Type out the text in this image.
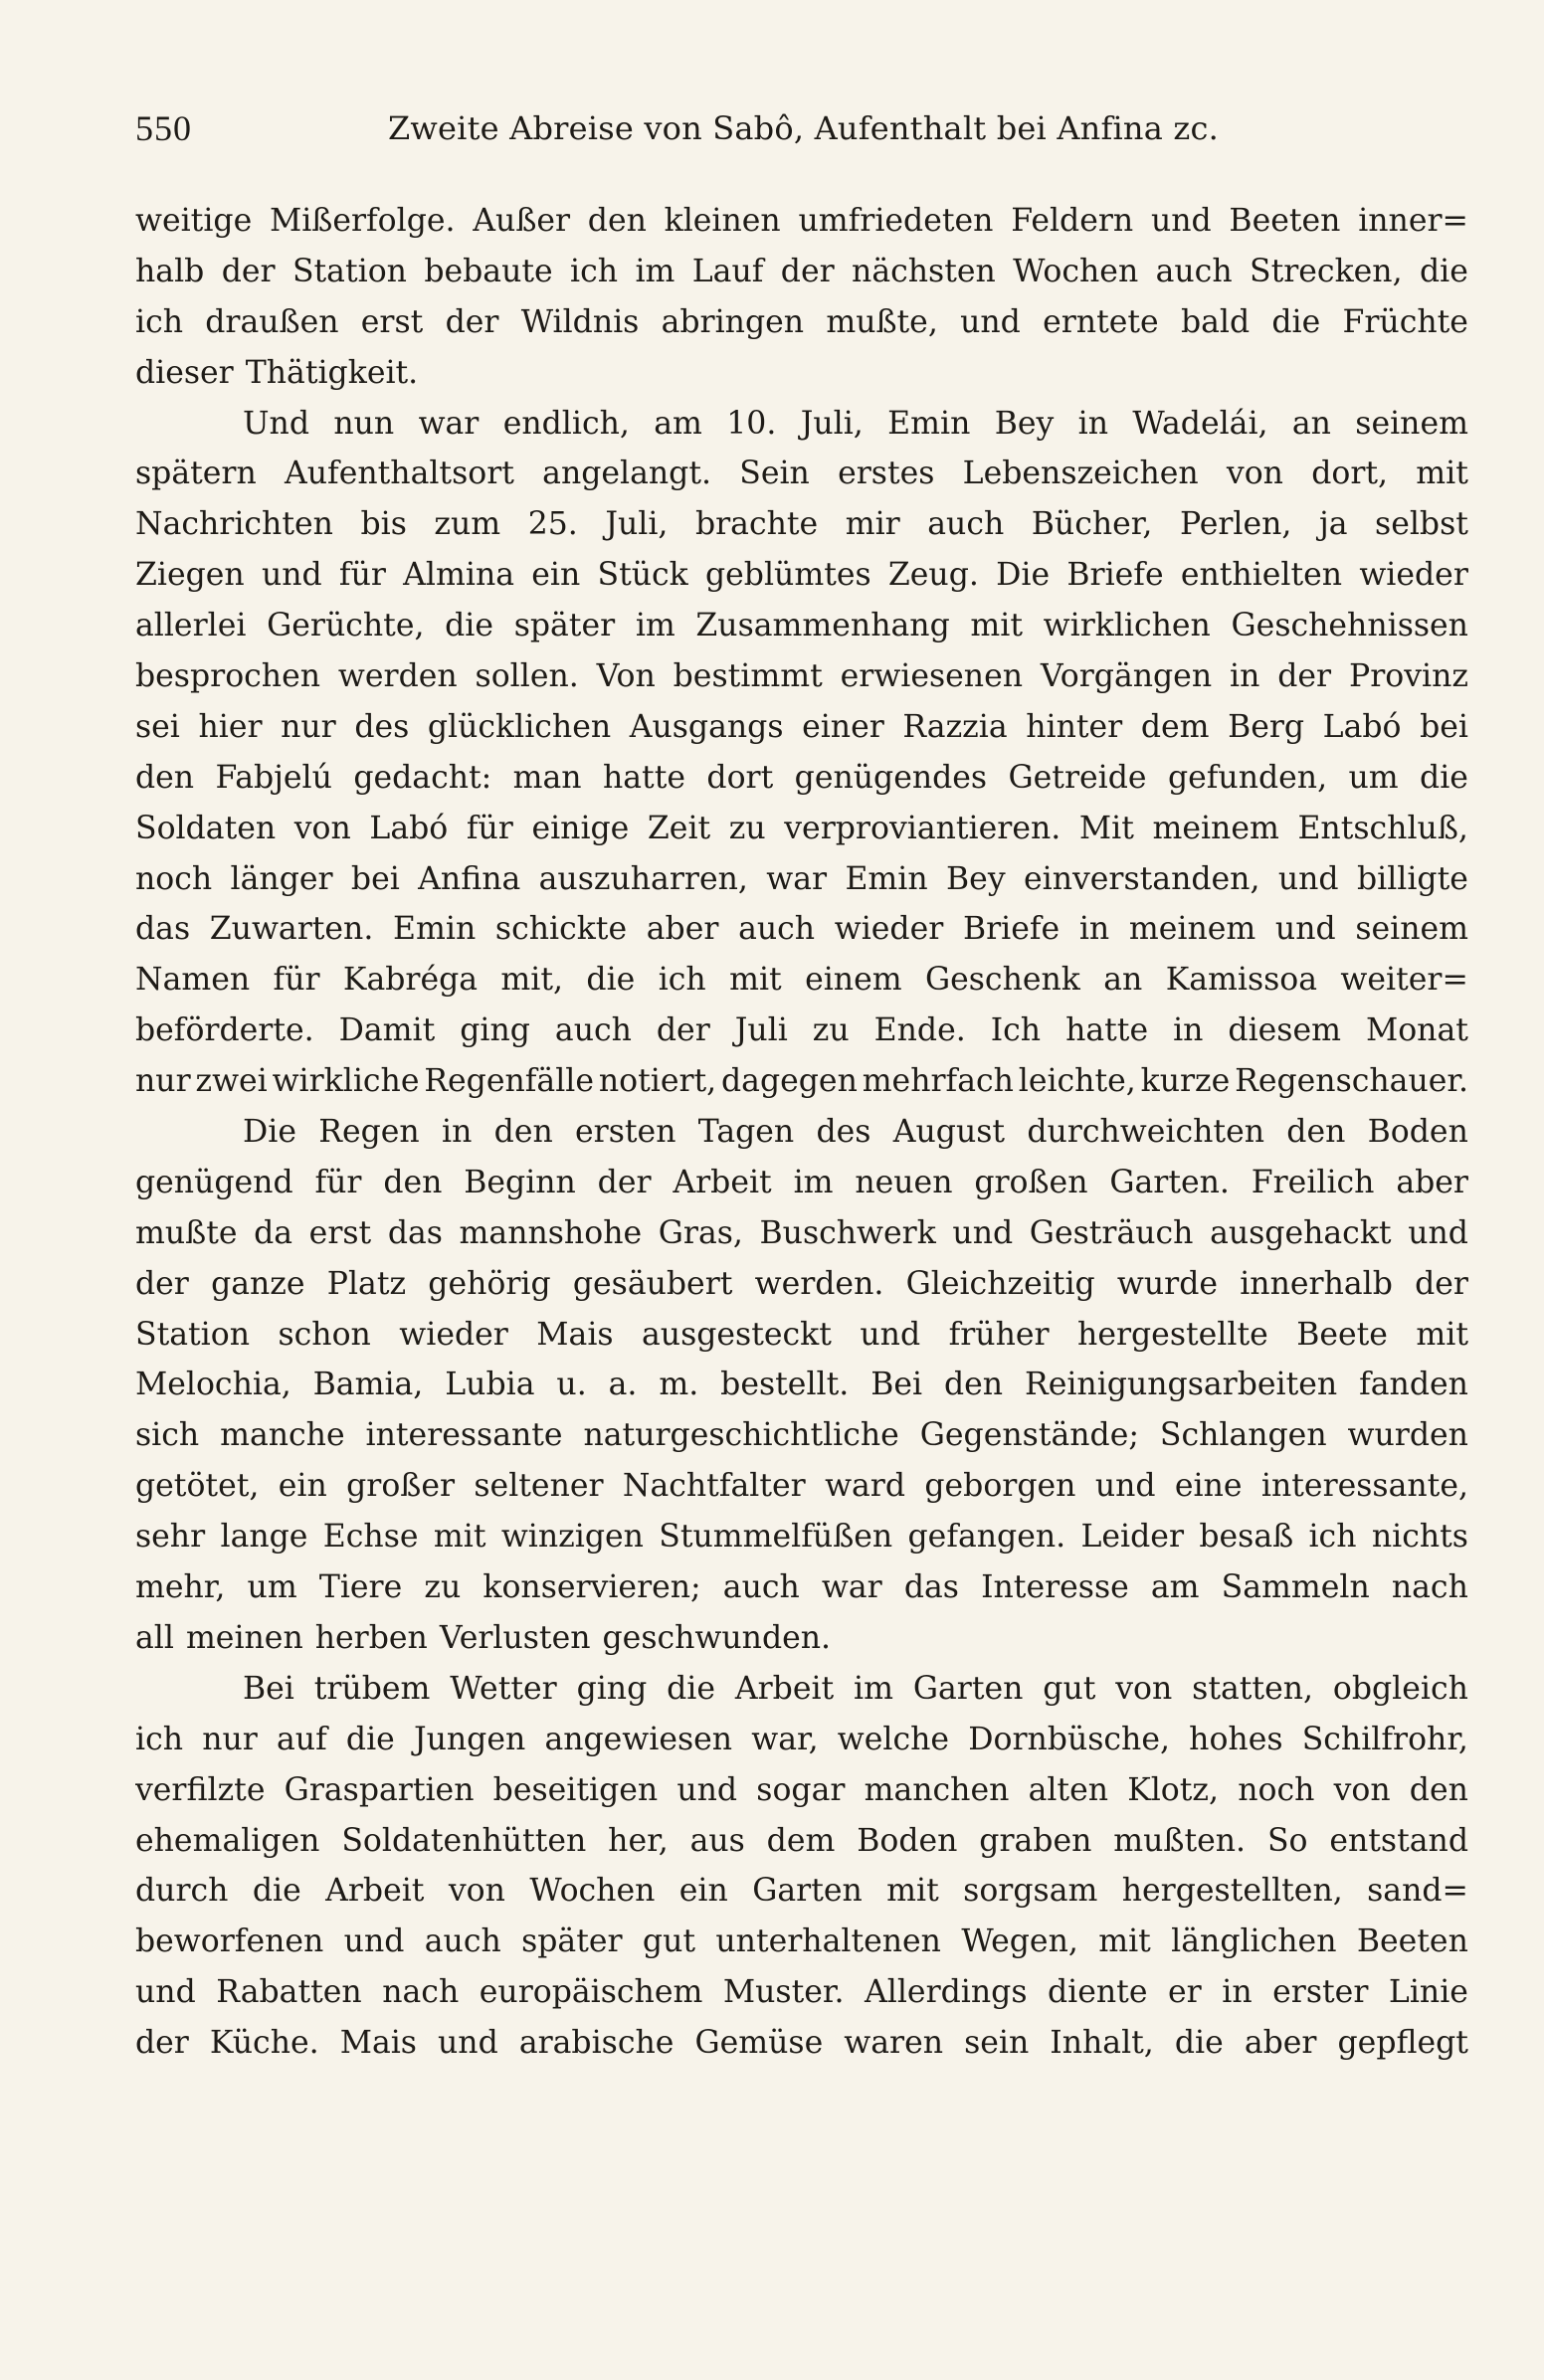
550	Zweite Abreise von Sabô, Aufenthalt bei Anfina zc.
weitige Mißerfolge. Außer den kleinen umfriedeten Feldern und Beeten inner=
halb der Station bebaute ich im Lauf der nächsten Wochen auch Strecken, die
ich draußen erst der Wildnis abringen mußte, und erntete bald die Früchte
dieser Thätigkeit.
Und nun war endlich, am 10. Juli, Emin Bey in Wadelái, an seinem
spätern Aufenthaltsort angelangt. Sein erstes Lebenszeichen von dort, mit
Nachrichten bis zum 25. Juli, brachte mir auch Bücher, Perlen, ja selbst
Ziegen und für Almina ein Stück geblümtes Zeug. Die Briefe enthielten wieder
allerlei Gerüchte, die später im Zusammenhang mit wirklichen Geschehnissen
besprochen werden sollen. Von bestimmt erwiesenen Vorgängen in der Provinz
sei hier nur des glücklichen Ausgangs einer Razzia hinter dem Berg Labó bei
den Fabjelú gedacht: man hatte dort genügendes Getreide gefunden, um die
Soldaten von Labó für einige Zeit zu verproviantieren. Mit meinem Entschluß,
noch länger bei Anfina auszuharren, war Emin Bey einverstanden, und billigte
das Zuwarten. Emin schickte aber auch wieder Briefe in meinem und seinem
Namen für Kabréga mit, die ich mit einem Geschenk an Kamissoa weiter=
beförderte. Damit ging auch der Juli zu Ende. Ich hatte in diesem Monat
nur zwei wirkliche Regenfälle notiert, dagegen mehrfach leichte, kurze Regenschauer.
Die Regen in den ersten Tagen des August durchweichten den Boden
genügend für den Beginn der Arbeit im neuen großen Garten. Freilich aber
mußte da erst das mannshohe Gras, Buschwerk und Gesträuch ausgehackt und
der ganze Platz gehörig gesäubert werden. Gleichzeitig wurde innerhalb der
Station schon wieder Mais ausgesteckt und früher hergestellte Beete mit
Melochia, Bamia, Lubia u. a. m. bestellt. Bei den Reinigungsarbeiten fanden
sich manche interessante naturgeschichtliche Gegenstände; Schlangen wurden
getötet, ein großer seltener Nachtfalter ward geborgen und eine interessante,
sehr lange Echse mit winzigen Stummelfüßen gefangen. Leider besaß ich nichts
mehr, um Tiere zu konservieren; auch war das Interesse am Sammeln nach
all meinen herben Verlusten geschwunden.
Bei trübem Wetter ging die Arbeit im Garten gut von statten, obgleich
ich nur auf die Jungen angewiesen war, welche Dornbüsche, hohes Schilfrohr,
verfilzte Graspartien beseitigen und sogar manchen alten Klotz, noch von den
ehemaligen Soldatenhütten her, aus dem Boden graben mußten. So entstand
durch die Arbeit von Wochen ein Garten mit sorgsam hergestellten, sand=
beworfenen und auch später gut unterhaltenen Wegen, mit länglichen Beeten
und Rabatten nach europäischem Muster. Allerdings diente er in erster Linie
der Küche. Mais und arabische Gemüse waren sein Inhalt, die aber gepflegt
